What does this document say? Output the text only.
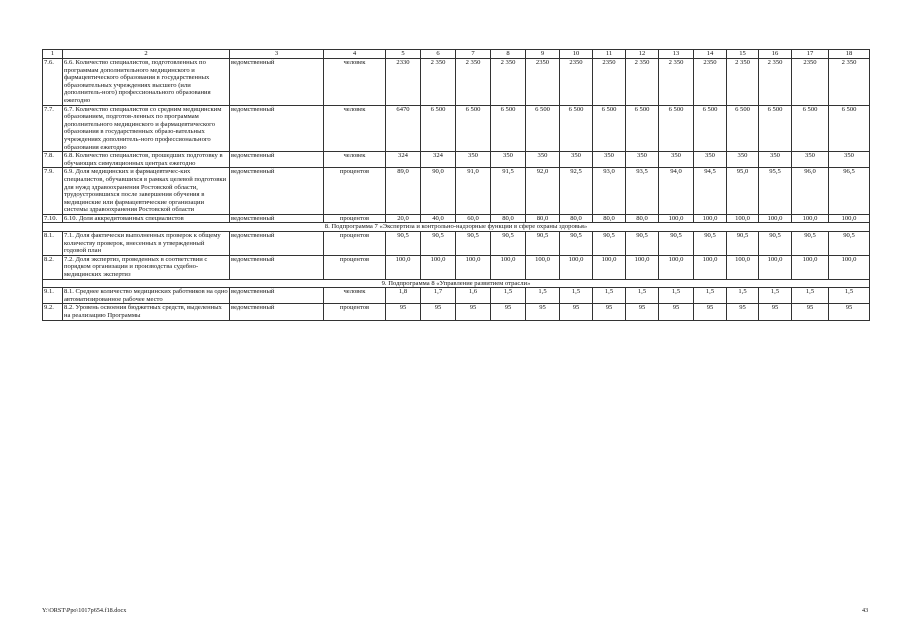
1	2	3	4	5	6	7	8	9	10	11	12	13	14	15	16	17	18
7.6.	6.6. Количество специалистов, подготовленных по программам дополнительного медицинского и фармацевтического образования в государственных образовательных учреждениях высшего (или дополнитель-ного) профессионального образования ежегодно	ведомственный	человек	2330	2 350	2 350	2 350	2350	2350	2350	2 350	2 350	2350	2 350	2 350	2350	2 350
7.7.	6.7. Количество специалистов со средним медицинским образованием, подготов-ленных по программам дополнительного медицинского и фармацевтического образования в государственных образо-вательных учреждениях дополнитель-ного профессионального образования ежегодно	ведомственный	человек	6470	6 500	6 500	6 500	6 500	6 500	6 500	6 500	6 500	6 500	6 500	6 500	6 500	6 500
7.8.	6.8. Количество специалистов, прошедших подготовку в обучающих симуляционных центрах ежегодно	ведомственный	человек	324	324	350	350	350	350	350	350	350	350	350	350	350	350
7.9.	6.9. Доля медицинских и фармацевтичес-ких специалистов, обучавшихся в рамках целевой подготовки для нужд здравоохранения Ростовской области, трудоустроившихся после завершения обучения в медицинские или фармацевтические организации системы здравоохранения Ростовской области	ведомственный	процентов	89,0	90,0	91,0	91,5	92,0	92,5	93,0	93,5	94,0	94,5	95,0	95,5	96,0	96,5
7.10.	6.10. Доля аккредитованных специалистов	ведомственный	процентов	20,0	40,0	60,0	80,0	80,0	80,0	80,0	80,0	100,0	100,0	100,0	100,0	100,0	100,0
8. Подпрограмма 7 «Экспертиза и контрольно-надзорные функции в сфере охраны здоровья»																	
8.1.	7.1. Доля фактически выполненных проверок к общему количеству проверок, внесенных в утвержденный годовой план	ведомственный	процентов	90,5	90,5	90,5	90,5	90,5	90,5	90,5	90,5	90,5	90,5	90,5	90,5	90,5	90,5
8.2.	7.2. Доля экспертиз, проведенных в соответствии с порядком организации и производства судебно-медицинских экспертиз	ведомственный	процентов	100,0	100,0	100,0	100,0	100,0	100,0	100,0	100,0	100,0	100,0	100,0	100,0	100,0	100,0
9. Подпрограмма 8 «Управление развитием отрасли»																	
9.1.	8.1. Среднее количество медицинских работников на одно автоматизированное рабочее место	ведомственный	человек	1,8	1,7	1,6	1,5	1,5	1,5	1,5	1,5	1,5	1,5	1,5	1,5	1,5	1,5
9.2.	8.2. Уровень освоения бюджетных средств, выделенных на реализацию Программы	ведомственный	процентов	95	95	95	95	95	95	95	95	95	95	95	95	95	95
Y:\ORST\Ppo\1017p654.f18.docx	43
